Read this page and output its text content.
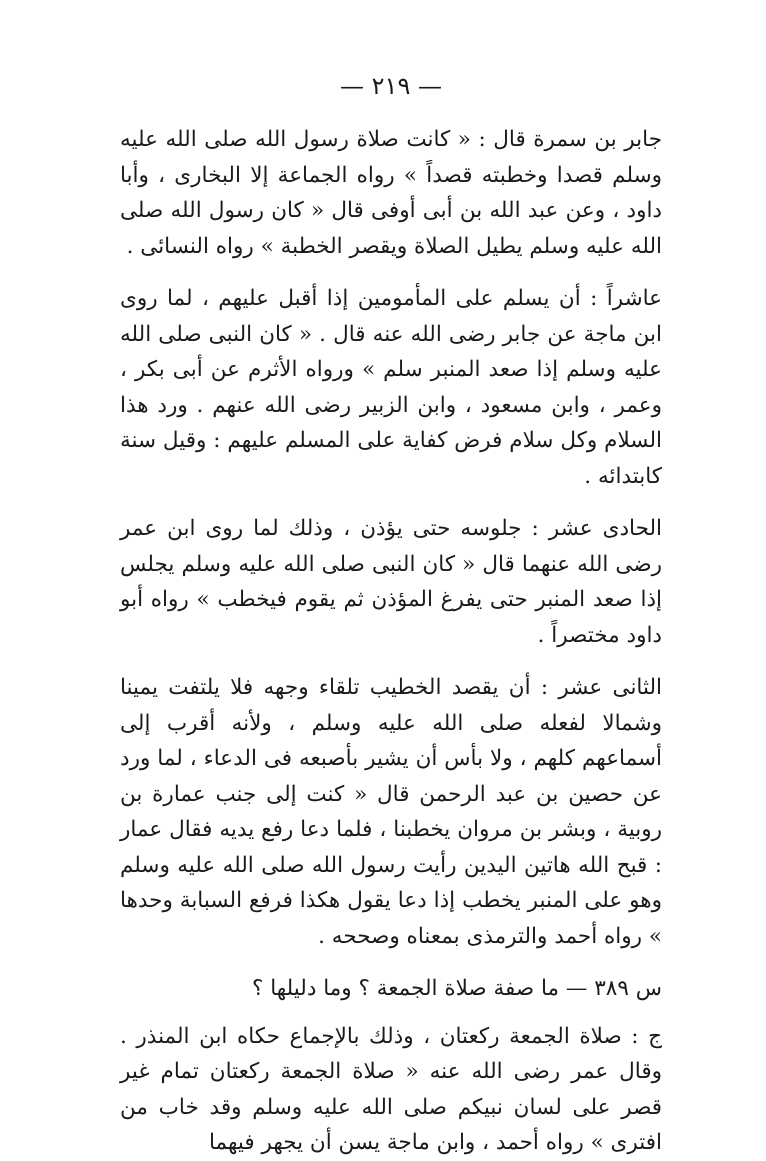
— ٢١٩ —

جابر بن سمرة قال : « كانت صلاة رسول الله صلى الله عليه وسلم قصدا وخطبته قصداً » رواه الجماعة إلا البخارى ، وأبا داود ، وعن عبد الله بن أبى أوفى قال « كان رسول الله صلى الله عليه وسلم يطيل الصلاة ويقصر الخطبة » رواه النسائى .

عاشراً : أن يسلم على المأمومين إذا أقبل عليهم ، لما روى ابن ماجة عن جابر رضى الله عنه قال . « كان النبى صلى الله عليه وسلم إذا صعد المنبر سلم » ورواه الأثرم عن أبى بكر ، وعمر ، وابن مسعود ، وابن الزبير رضى الله عنهم . ورد هذا السلام وكل سلام فرض كفاية على المسلم عليهم : وقيل سنة كابتدائه .

الحادى عشر : جلوسه حتى يؤذن ، وذلك لما روى ابن عمر رضى الله عنهما قال « كان النبى صلى الله عليه وسلم يجلس إذا صعد المنبر حتى يفرغ المؤذن ثم يقوم فيخطب » رواه أبو داود مختصراً .

الثانى عشر : أن يقصد الخطيب تلقاء وجهه فلا يلتفت يمينا وشمالا لفعله صلى الله عليه وسلم ، ولأنه أقرب إلى أسماعهم كلهم ، ولا بأس أن يشير بأصبعه فى الدعاء ، لما ورد عن حصين بن عبد الرحمن قال « كنت إلى جنب عمارة بن روبية ، وبشر بن مروان يخطبنا ، فلما دعا رفع يديه فقال عمار : قبح الله هاتين اليدين رأيت رسول الله صلى الله عليه وسلم وهو على المنبر يخطب إذا دعا يقول هكذا فرفع السبابة وحدها » رواه أحمد والترمذى بمعناه وصححه .

س ٣٨٩ — ما صفة صلاة الجمعة ؟ وما دليلها ؟

ج : صلاة الجمعة ركعتان ، وذلك بالإجماع حكاه ابن المنذر . وقال عمر رضى الله عنه « صلاة الجمعة ركعتان تمام غير قصر على لسان نبيكم صلى الله عليه وسلم وقد خاب من افترى » رواه أحمد ، وابن ماجة يسن أن يجهر فيهما
